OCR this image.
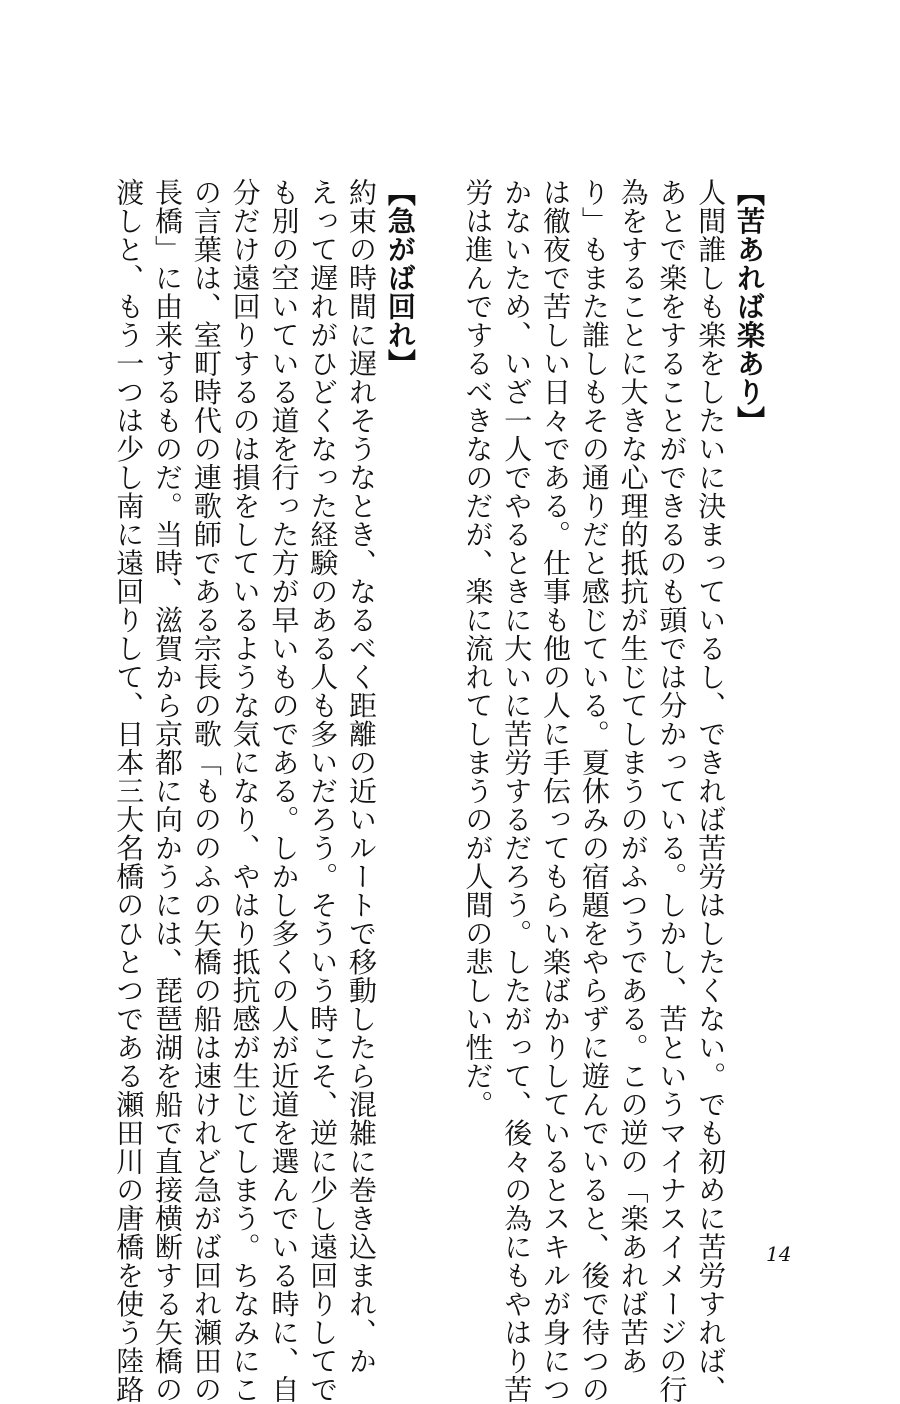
【苦あれば楽あり】
人間誰しも楽をしたいに決まっているし、できれば苦労はしたくない。でも初めに苦労すれば、
あとで楽をすることができるのも頭では分かっている。しかし、苦というマイナスイメージの行
為をすることに大きな心理的抵抗が生じてしまうのがふつうである。この逆の「楽あれば苦あ
り」もまた誰しもその通りだと感じている。夏休みの宿題をやらずに遊んでいると、後で待つの
は徹夜で苦しい日々である。仕事も他の人に手伝ってもらい楽ばかりしているとスキルが身につ
かないため、いざ一人でやるときに大いに苦労するだろう。したがって、後々の為にもやはり苦
労は進んでするべきなのだが、楽に流れてしまうのが人間の悲しい性だ。
【急がば回れ】
約束の時間に遅れそうなとき、なるべく距離の近いルートで移動したら混雑に巻き込まれ、か
えって遅れがひどくなった経験のある人も多いだろう。そういう時こそ、逆に少し遠回りしてで
も別の空いている道を行った方が早いものである。しかし多くの人が近道を選んでいる時に、自
分だけ遠回りするのは損をしているような気になり、やはり抵抗感が生じてしまう。ちなみにこ
の言葉は、室町時代の連歌師である宗長の歌「もののふの矢橋の船は速けれど急がば回れ瀬田の
長橋」に由来するものだ。当時、滋賀から京都に向かうには、琵琶湖を船で直接横断する矢橋の
渡しと、もう一つは少し南に遠回りして、日本三大名橋のひとつである瀬田川の唐橋を使う陸路	14
